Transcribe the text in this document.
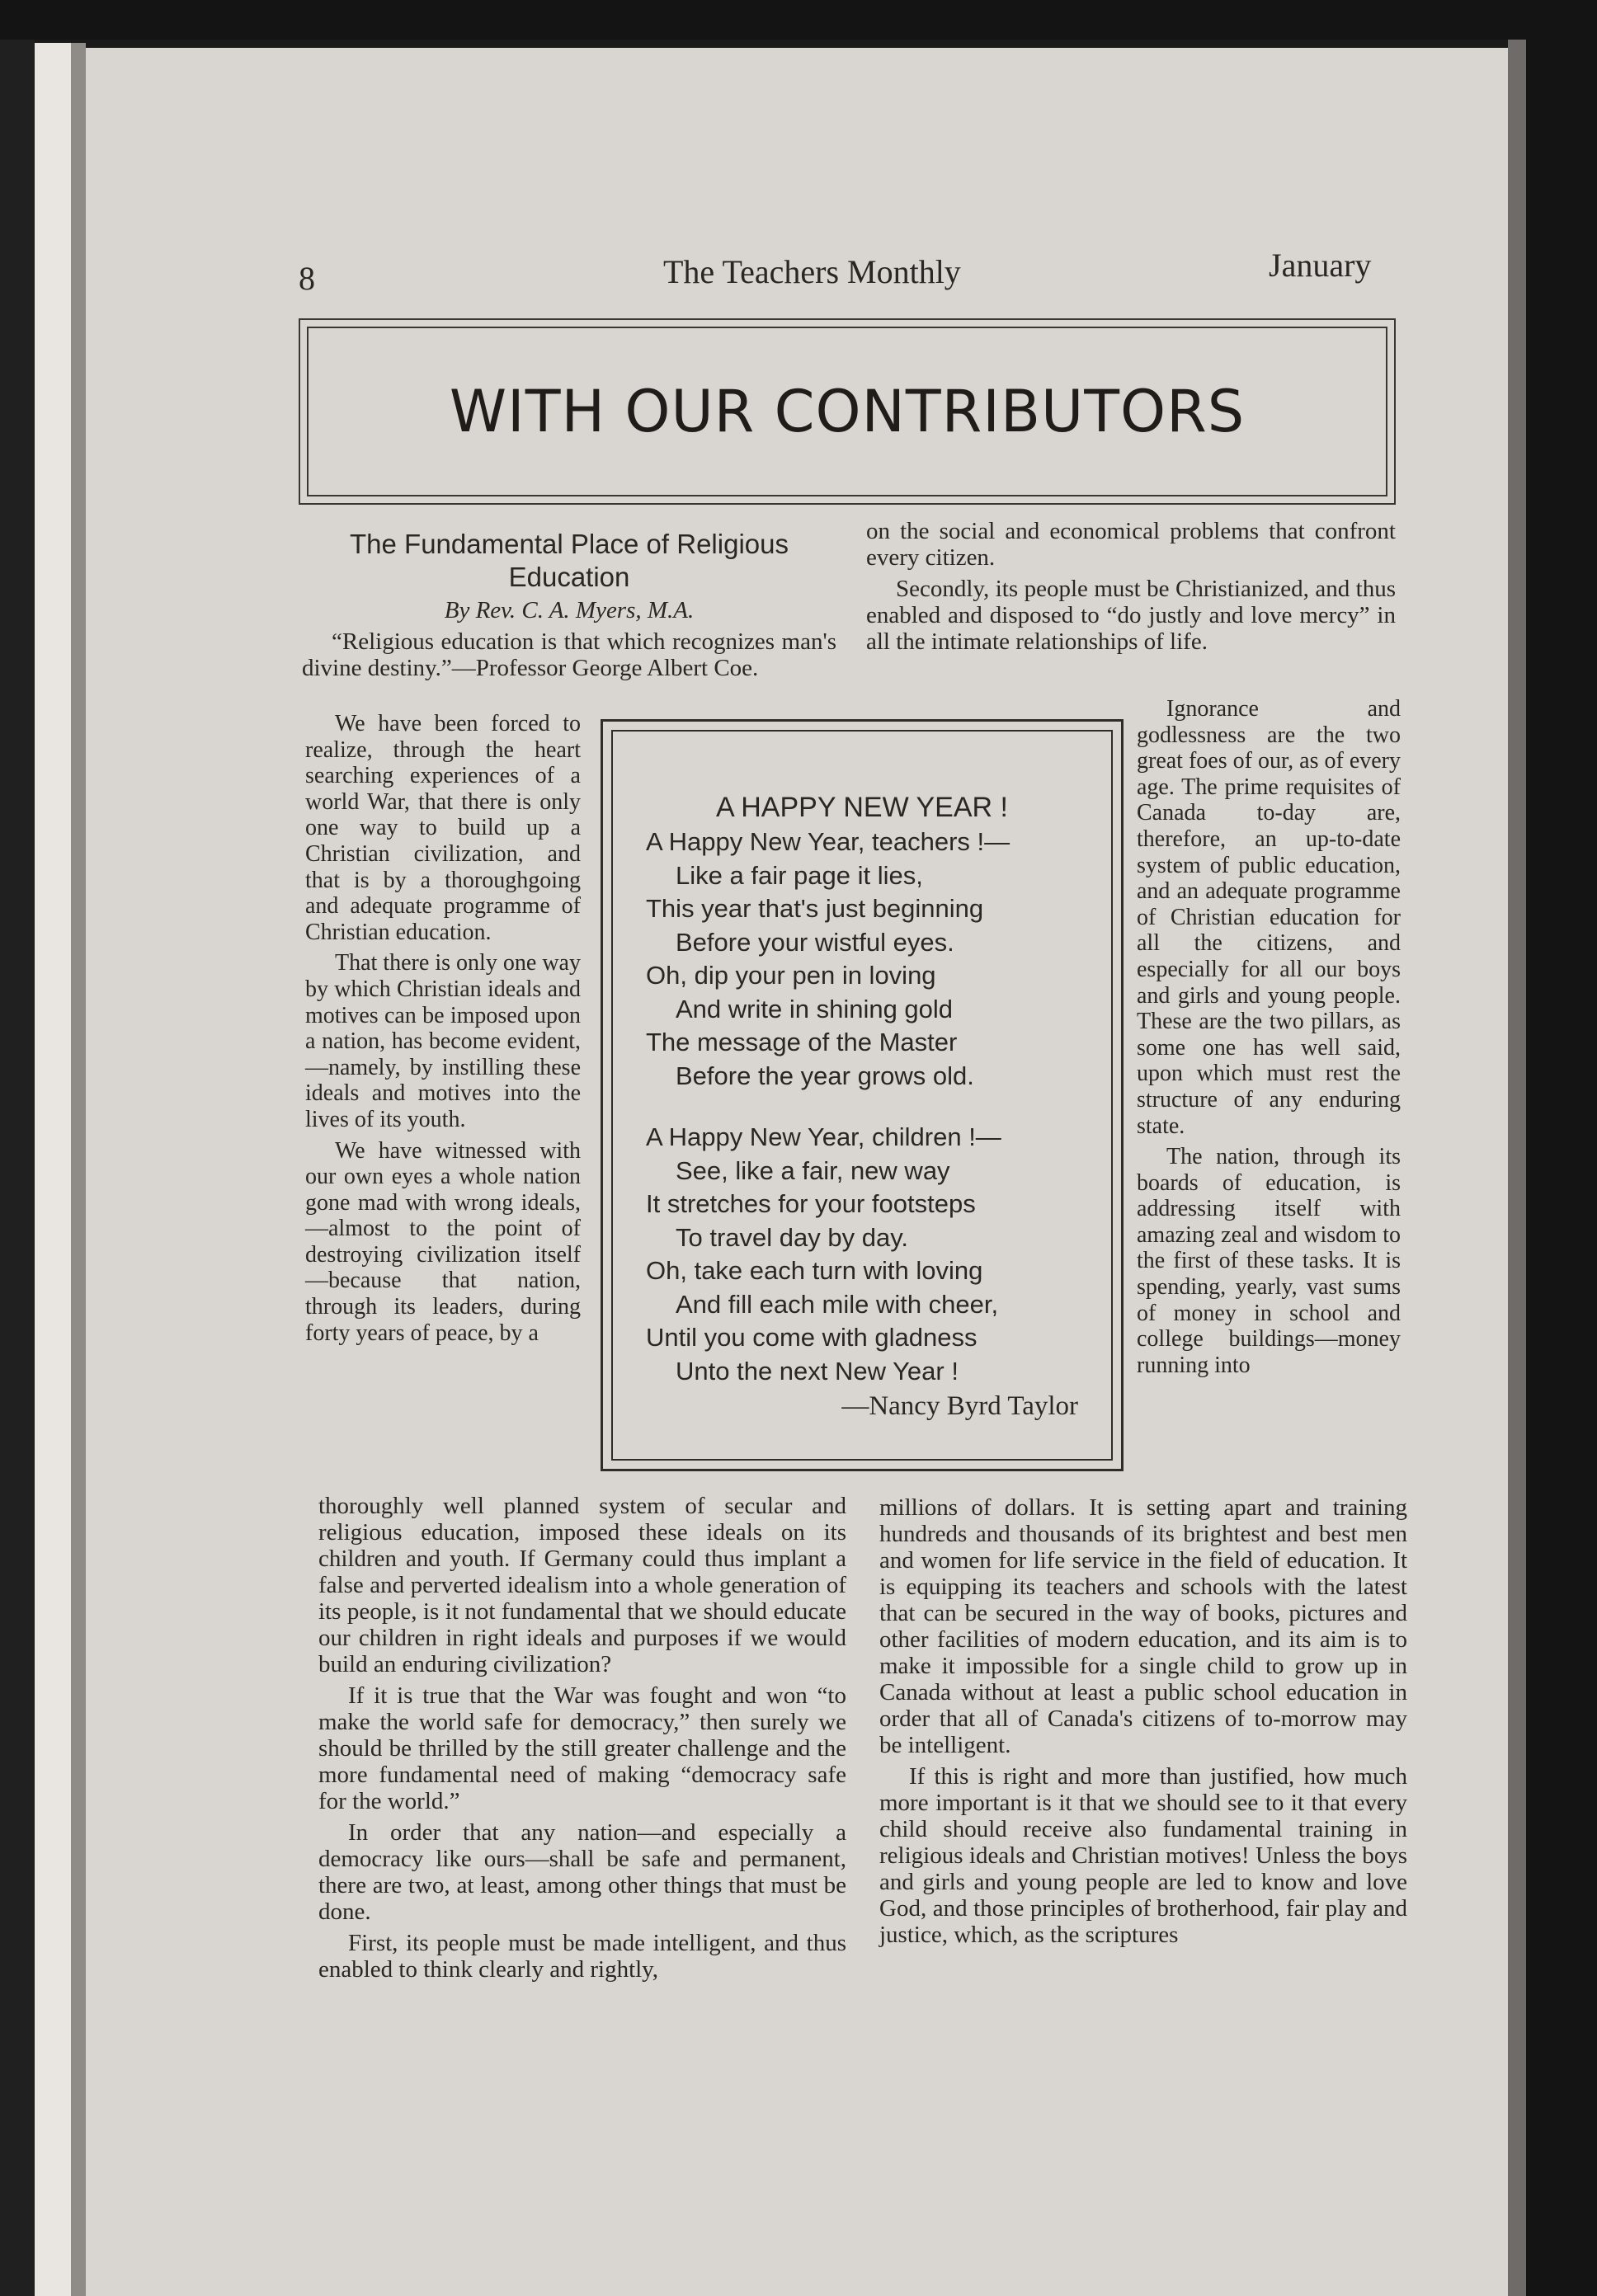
8	The Teachers Monthly	January
WITH OUR CONTRIBUTORS
The Fundamental Place of Religious Education

By Rev. C. A. Myers, M.A.

“Religious education is that which recognizes man's divine destiny.”—Professor George Albert Coe.

We have been forced to realize, through the heart searching experiences of a world War, that there is only one way to build up a Christian civilization, and that is by a thoroughgoing and adequate programme of Christian education.

That there is only one way by which Christian ideals and motives can be imposed upon a nation, has become evident,—namely, by instilling these ideals and motives into the lives of its youth.

We have witnessed with our own eyes a whole nation gone mad with wrong ideals,—almost to the point of destroying civilization itself—because that nation, through its leaders, during forty years of peace, by a

thoroughly well planned system of secular and religious education, imposed these ideals on its children and youth. If Germany could thus implant a false and perverted idealism into a whole generation of its people, is it not fundamental that we should educate our children in right ideals and purposes if we would build an enduring civilization?

If it is true that the War was fought and won “to make the world safe for democracy,” then surely we should be thrilled by the still greater challenge and the more fundamental need of making “democracy safe for the world.”

In order that any nation—and especially a democracy like ours—shall be safe and permanent, there are two, at least, among other things that must be done.

First, its people must be made intelligent, and thus enabled to think clearly and rightly,

on the social and economical problems that confront every citizen.

Secondly, its people must be Christianized, and thus enabled and disposed to “do justly and love mercy” in all the intimate relationships of life.

Ignorance and godlessness are the two great foes of our, as of every age. The prime requisites of Canada to-day are, therefore, an up-to-date system of public education, and an adequate programme of Christian education for all the citizens, and especially for all our boys and girls and young people. These are the two pillars, as some one has well said, upon which must rest the structure of any enduring state.

The nation, through its boards of education, is addressing itself with amazing zeal and wisdom to the first of these tasks. It is spending, yearly, vast sums of money in school and college buildings—money running into

millions of dollars. It is setting apart and training hundreds and thousands of its brightest and best men and women for life service in the field of education. It is equipping its teachers and schools with the latest that can be secured in the way of books, pictures and other facilities of modern education, and its aim is to make it impossible for a single child to grow up in Canada without at least a public school education in order that all of Canada's citizens of to-morrow may be intelligent.

If this is right and more than justified, how much more important is it that we should see to it that every child should receive also fundamental training in religious ideals and Christian motives! Unless the boys and girls and young people are led to know and love God, and those principles of brotherhood, fair play and justice, which, as the scriptures

A HAPPY NEW YEAR !
A Happy New Year, teachers !—
Like a fair page it lies,
This year that's just beginning
Before your wistful eyes.
Oh, dip your pen in loving
And write in shining gold
The message of the Master
Before the year grows old.
A Happy New Year, children !—
See, like a fair, new way
It stretches for your footsteps
To travel day by day.
Oh, take each turn with loving
And fill each mile with cheer,
Until you come with gladness
Unto the next New Year !
—Nancy Byrd Taylor
